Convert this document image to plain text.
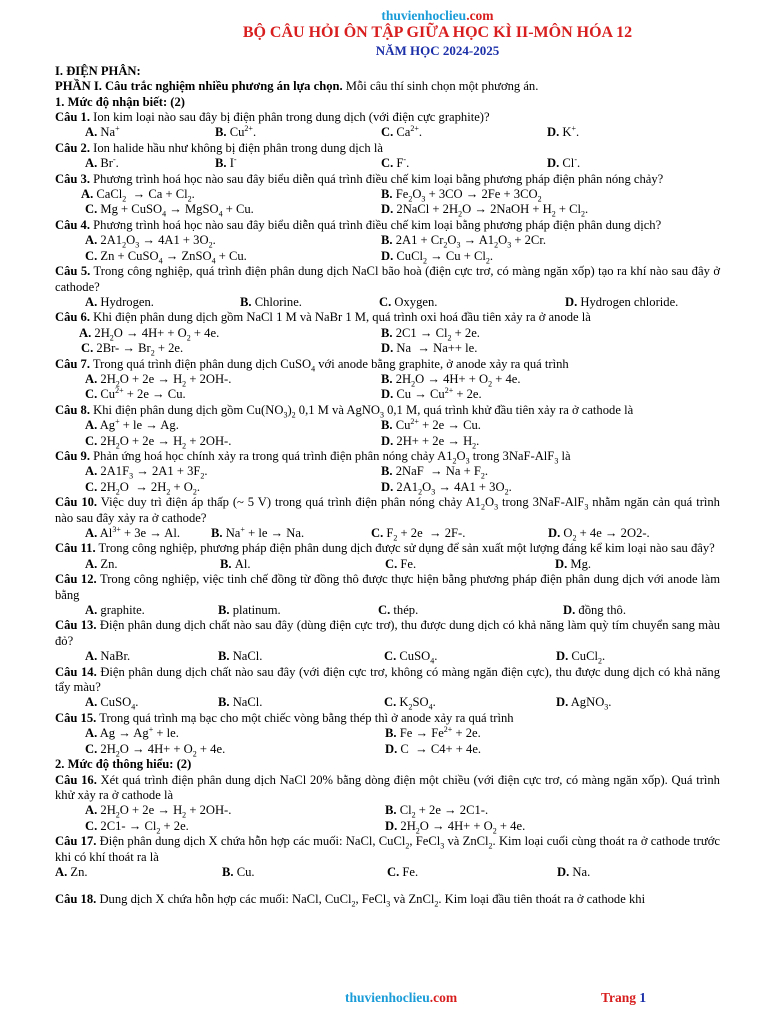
thuvienhoclieu.com
BỘ CÂU HỎI ÔN TẬP GIỮA HỌC KÌ II-MÔN HÓA 12
NĂM HỌC 2024-2025
I. ĐIỆN PHÂN:
PHẦN I. Câu trắc nghiệm nhiều phương án lựa chọn. Mỗi câu thí sinh chọn một phương án.
1. Mức độ nhận biết: (2)
Câu 1. Ion kim loại nào sau đây bị điện phân trong dung dịch (với điện cực graphite)?
A. Na+	B. $Cu^{2+}$.	C. $Ca^{2+}$.	D. K+.
Câu 2. Ion halide hầu như không bị điện phân trong dung dịch là
A. Br-.	B. I-	C. F-.	D. Cl-.
Câu 3. Phương trình hoá học nào sau đây biểu diễn quá trình điều chế kim loại bằng phương pháp điện phân nóng chảy?
A. CaCl$_2$  → $Ca + Cl_2$.	B. $Fe_2O_3 + 3CO \to 2Fe + 3CO_2$
C. Mg + CuSO$_4$ → MgSO$_4$ + Cu.	D. 2NaCl + $2H_2O$ → 2NaOH + $H_2 + Cl_2$.
Câu 4. Phương trình hoá học nào sau đây biểu diễn quá trình điều chế kim loại bằng phương pháp điện phân dung dịch?
A. $2A1_2O_3 \to 4A1 + 3O_2$.	B. $2A1 + Cr_2O_3 \to A1_2O_3 + 2Cr$.
C. Zn + CuSO$_4$ → ZnSO$_4$ + Cu.	D. CuCl$_2$ → $Cu + Cl_2$.
Câu 5. Trong công nghiệp, quá trình điện phân dung dịch NaCl bão hoà (điện cực trơ, có màng ngăn xốp) tạo ra khí nào sau đây ở cathode?
A. Hydrogen.	B. Chlorine.	C. Oxygen.	D. Hydrogen chloride.
Câu 6. Khi điện phân dung dịch gồm NaCl 1 M và NaBr 1 M, quá trình oxi hoá đầu tiên xảy ra ở anode là
A. $2H_2O \to 4H+ + O_2 + 4e$.	B. $2C1 \to Cl_2 + 2e$.
C. $2Br- \to Br_2 + 2e$.	D. Na  → Na++ le.
Câu 7. Trong quá trình điện phân dung dịch CuSO$_4$ với anode bằng graphite, ở anode xảy ra quá trình
A. $2H_2O + 2e \to H_2 + 2OH-$.	B. $2H_2O \to 4H+ + O_2 + 4e$.
C. $Cu^{2+} + 2e \to Cu$.	D. $Cu \to Cu^{2+} + 2e$.
Câu 8. Khi điện phân dung dịch gồm $Cu(NO_3)_2$ 0,1 M và AgNO$_3$ 0,1 M, quá trình khử đầu tiên xảy ra ở cathode là
A. Ag+ + le → Ag.	B. $Cu^{2+} + 2e \to Cu$.
C. $2H_2O + 2e \to H_2 + 2OH-$.	D. $2H+ + 2e \to H_2$.
Câu 9. Phản ứng hoá học chính xảy ra trong quá trình điện phân nóng chảy $A1_2O_3$ trong 3NaF-AlF$_3$ là
A. $2A1F_3 \to 2A1 + 3F_2$.	B. $2NaF \to Na + F_2$.
C. $2H_2O \to 2H_2 + O_2$.	D. $2A1_2O_3 \to 4A1 + 3O_2$.
Câu 10. Việc duy trì điện áp thấp (~ 5 V) trong quá trình điện phân nóng chảy $A1_2O_3$ trong 3NaF-AlF$_3$ nhằm ngăn cản quá trình nào sau đây xảy ra ở cathode?
A. $Al^{3+} + 3e \to Al$.	B. Na+ + le → Na.	C. $F_2 + 2e \to 2F-$.	D. $O_2 + 4e \to 2O2-$.
Câu 11. Trong công nghiệp, phương pháp điện phân dung dịch được sử dụng để sản xuất một lượng đáng kể kim loại nào sau đây?
A. Zn.	B. Al.	C. Fe.	D. Mg.
Câu 12. Trong công nghiệp, việc tinh chế đồng từ đồng thô được thực hiện bằng phương pháp điện phân dung dịch với anode làm bằng
A. graphite.	B. platinum.	C. thép.	D. đồng thô.
Câu 13. Điện phân dung dịch chất nào sau đây (dùng điện cực trơ), thu được dung dịch có khả năng làm quỳ tím chuyển sang màu đỏ?
A. NaBr.	B. NaCl.	C. CuSO$_4$.	D. CuCl$_2$.
Câu 14. Điện phân dung dịch chất nào sau đây (với điện cực trơ, không có màng ngăn điện cực), thu được dung dịch có khả năng tẩy màu?
A. CuSO$_4$.	B. NaCl.	C. $K_2SO_4$.	D. AgNO$_3$.
Câu 15. Trong quá trình mạ bạc cho một chiếc vòng bằng thép thì ở anode xảy ra quá trình
A. Ag → Ag+ + le.	B. $Fe \to Fe^{2+} + 2e$.
C. $2H_2O \to 4H+ + O_2 + 4e$.	D. C  → C4+ + 4e.
2. Mức độ thông hiểu: (2)
Câu 16. Xét quá trình điện phân dung dịch NaCl 20% bằng dòng điện một chiều (với điện cực trơ, có màng ngăn xốp). Quá trình khử xảy ra ở cathode là
A. $2H_2O + 2e \to H_2 + 2OH-$.	B. $Cl_2 + 2e \to 2C1-$.
C. $2C1- \to Cl_2 + 2e$.	D. $2H_2O \to 4H+ + O_2 + 4e$.
Câu 17. Điện phân dung dịch X chứa hỗn hợp các muối: NaCl, CuCl$_2$, FeCl$_3$ và ZnCl$_2$. Kim loại cuối cùng thoát ra ở cathode trước khi có khí thoát ra là
A. Zn.	B. Cu.	C. Fe.	D. Na.
Câu 18. Dung dịch X chứa hỗn hợp các muối: NaCl, CuCl$_2$, FeCl$_3$ và ZnCl$_2$. Kim loại đầu tiên thoát ra ở cathode khi
thuvienhoclieu.com	Trang 1
